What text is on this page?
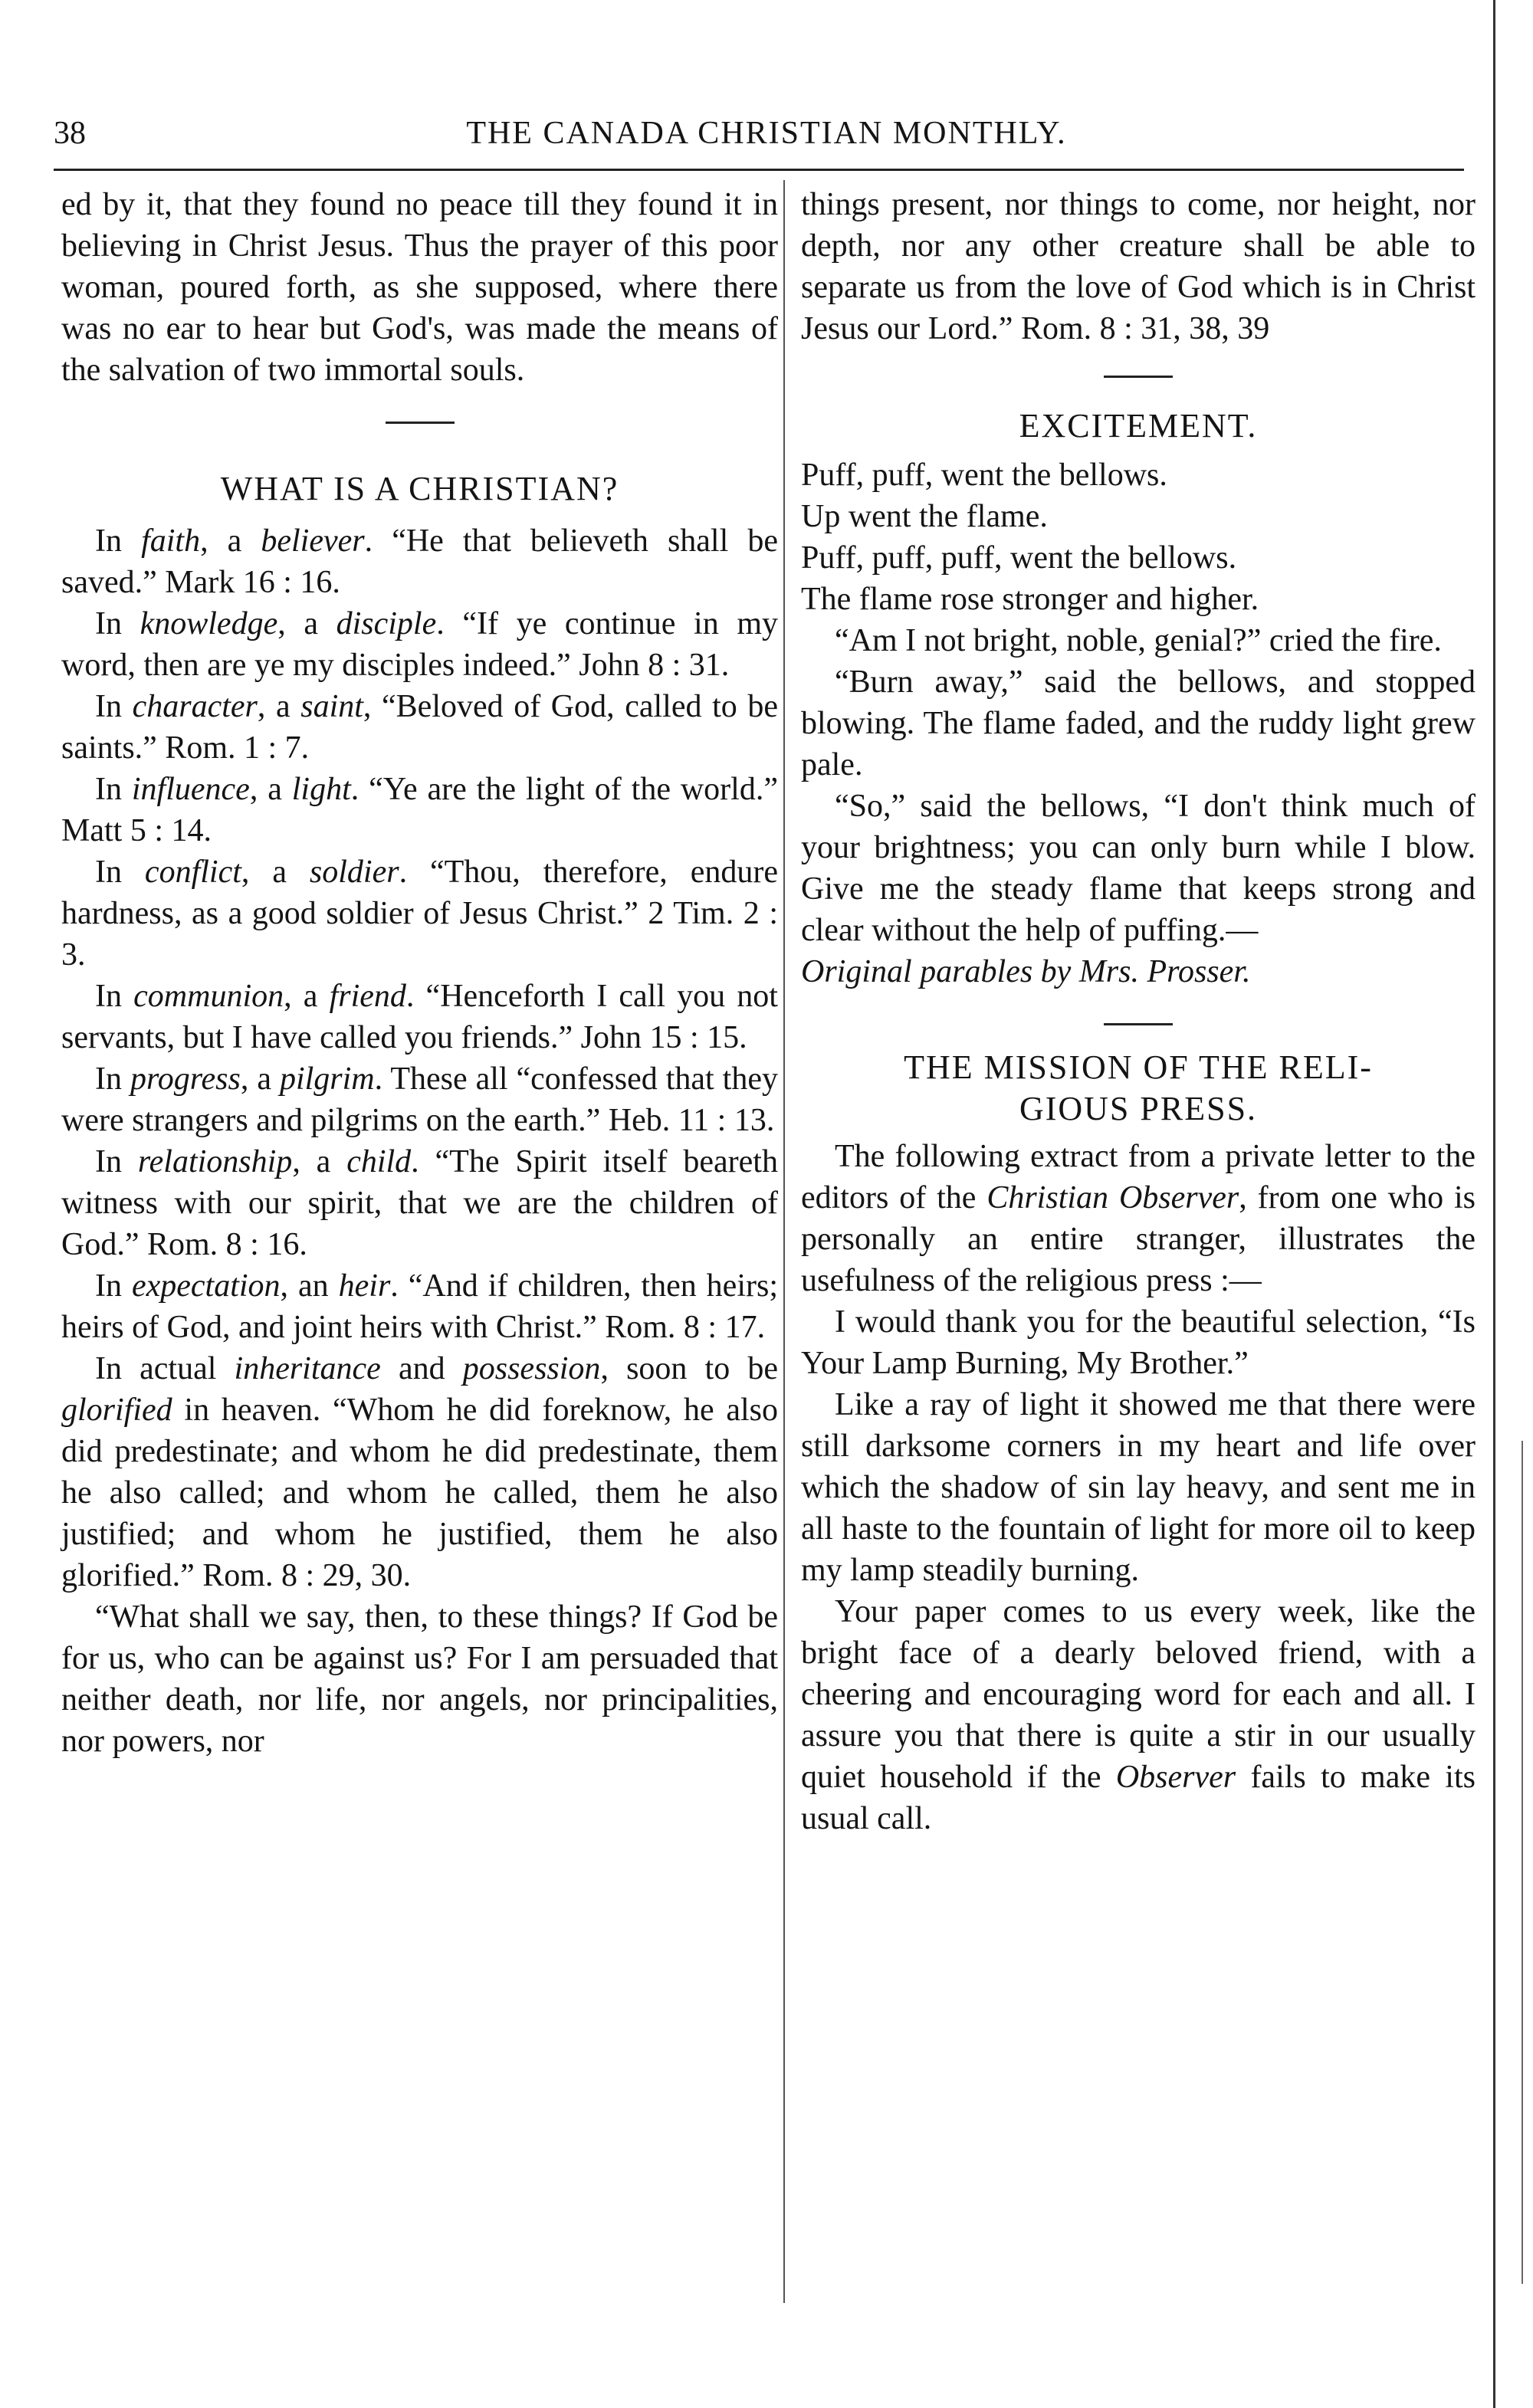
38	THE CANADA CHRISTIAN MONTHLY.

ed by it, that they found no peace till they found it in believing in Christ Jesus. Thus the prayer of this poor woman, poured forth, as she supposed, where there was no ear to hear but God's, was made the means of the salvation of two immortal souls.

WHAT IS A CHRISTIAN?

In faith, a believer. “He that believeth shall be saved.” Mark 16 : 16.

In knowledge, a disciple. “If ye continue in my word, then are ye my disciples indeed.” John 8 : 31.

In character, a saint, “Beloved of God, called to be saints.” Rom. 1 : 7.

In influence, a light. “Ye are the light of the world.” Matt 5 : 14.

In conflict, a soldier. “Thou, therefore, endure hardness, as a good soldier of Jesus Christ.” 2 Tim. 2 : 3.

In communion, a friend. “Henceforth I call you not servants, but I have called you friends.” John 15 : 15.

In progress, a pilgrim. These all “confessed that they were strangers and pilgrims on the earth.” Heb. 11 : 13.

In relationship, a child. “The Spirit itself beareth witness with our spirit, that we are the children of God.” Rom. 8 : 16.

In expectation, an heir. “And if children, then heirs; heirs of God, and joint heirs with Christ.” Rom. 8 : 17.

In actual inheritance and possession, soon to be glorified in heaven. “Whom he did foreknow, he also did predestinate; and whom he did predestinate, them he also called; and whom he called, them he also justified; and whom he justified, them he also glorified.” Rom. 8 : 29, 30.

“What shall we say, then, to these things? If God be for us, who can be against us? For I am persuaded that neither death, nor life, nor angels, nor principalities, nor powers, nor

things present, nor things to come, nor height, nor depth, nor any other creature shall be able to separate us from the love of God which is in Christ Jesus our Lord.” Rom. 8 : 31, 38, 39

EXCITEMENT.

Puff, puff, went the bellows.

Up went the flame.

Puff, puff, puff, went the bellows.

The flame rose stronger and higher.

“Am I not bright, noble, genial?” cried the fire.

“Burn away,” said the bellows, and stopped blowing. The flame faded, and the ruddy light grew pale.

“So,” said the bellows, “I don't think much of your brightness; you can only burn while I blow. Give me the steady flame that keeps strong and clear without the help of puffing.—

Original parables by Mrs. Prosser.

THE MISSION OF THE RELI-

GIOUS PRESS.

The following extract from a private letter to the editors of the Christian Observer, from one who is personally an entire stranger, illustrates the usefulness of the religious press :—

I would thank you for the beautiful selection, “Is Your Lamp Burning, My Brother.”

Like a ray of light it showed me that there were still darksome corners in my heart and life over which the shadow of sin lay heavy, and sent me in all haste to the fountain of light for more oil to keep my lamp steadily burning.

Your paper comes to us every week, like the bright face of a dearly beloved friend, with a cheering and encouraging word for each and all. I assure you that there is quite a stir in our usually quiet household if the Observer fails to make its usual call.
